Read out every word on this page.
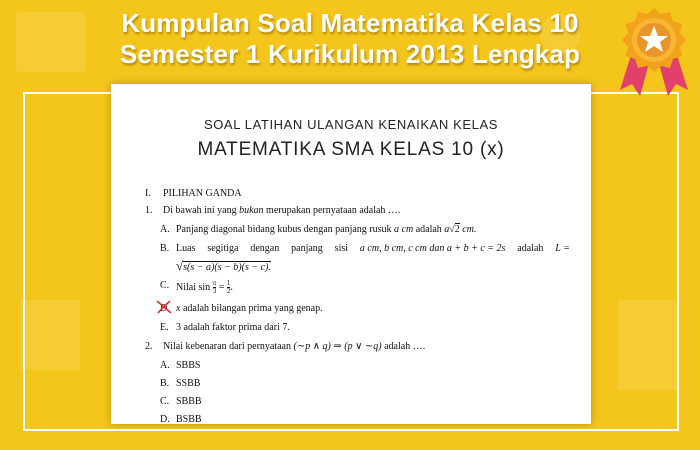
Kumpulan Soal Matematika Kelas 10
Semester 1 Kurikulum 2013 Lengkap
SOAL LATIHAN ULANGAN KENAIKAN KELAS
MATEMATIKA SMA KELAS 10 (x)
I. PILIHAN GANDA
1. Di bawah ini yang bukan merupakan pernyataan adalah ….
A. Panjang diagonal bidang kubus dengan panjang rusuk a cm adalah a√2 cm.
B. Luas segitiga dengan panjang sisi a cm, b cm, c cm dan a + b + c = 2s adalah L =
√s(s − a)(s − b)(s − c).
C. Nilai $\sin \frac{\pi}{3} = \frac{1}{2}$ .
D. x adalah bilangan prima yang genap.
E. 3 adalah faktor prima dari 7.
2. Nilai kebenaran dari pernyataan (∼p ∧ q) ⇒ (p ∨ ∼q) adalah ….
A. SBBS
B. SSBB
C. SBBB
D. BSBB
